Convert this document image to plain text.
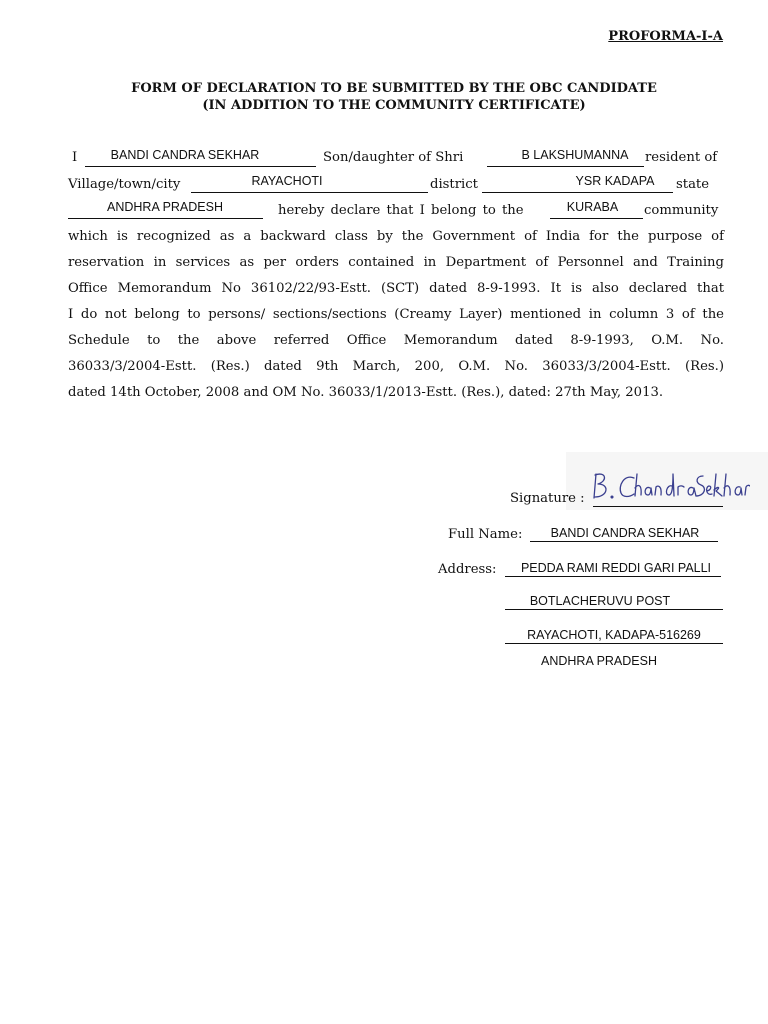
PROFORMA-I-A
FORM OF DECLARATION TO BE SUBMITTED BY THE OBC CANDIDATE
(IN ADDITION TO THE COMMUNITY CERTIFICATE)
I	BANDI CANDRA SEKHAR	Son/daughter of Shri	B LAKSHUMANNA	resident of
Village/town/city	RAYACHOTI	district	YSR KADAPA	state
ANDHRA PRADESH	hereby declare that I belong to the	KURABA	community
which is recognized as a backward class by the Government of India for the purpose of
reservation in services as per orders contained in Department of Personnel and Training
Office Memorandum No 36102/22/93-Estt. (SCT) dated 8-9-1993. It is also declared that
I do not belong to persons/ sections/sections (Creamy Layer) mentioned in column 3 of the
Schedule to the above referred Office Memorandum dated 8-9-1993, O.M. No.
36033/3/2004-Estt. (Res.) dated 9th March, 200, O.M. No. 36033/3/2004-Estt. (Res.)
dated 14th October, 2008 and OM No. 36033/1/2013-Estt. (Res.), dated: 27th May, 2013.
Signature :
Full Name:	BANDI CANDRA SEKHAR
Address:	PEDDA RAMI REDDI GARI PALLI
BOTLACHERUVU POST
RAYACHOTI, KADAPA-516269
ANDHRA PRADESH
